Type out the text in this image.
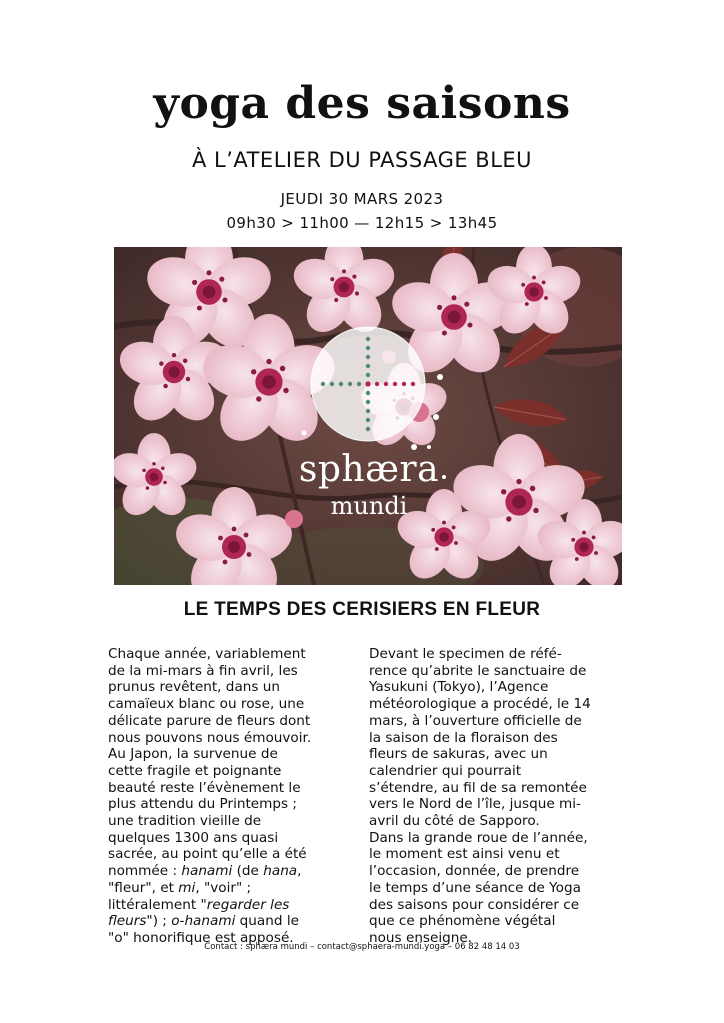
yoga des saisons
À L’ATELIER DU PASSAGE BLEU
JEUDI 30 MARS 2023
09h30 > 11h00 — 12h15 > 13h45
sphæra
mundi
LE TEMPS DES CERISIERS EN FLEUR
Chaque année, variablement
de la mi-mars à fin avril, les
prunus revêtent, dans un
camaïeux blanc ou rose, une
délicate parure de fleurs dont
nous pouvons nous émouvoir.
Au Japon, la survenue de
cette fragile et poignante
beauté reste l’évènement le
plus attendu du Printemps ;
une tradition vieille de
quelques 1300 ans quasi
sacrée, au point qu’elle a été
nommée : hanami (de hana,
"fleur", et mi, "voir" ;
littéralement "regarder les
fleurs") ; o-hanami quand le
"o" honorifique est apposé.
Devant le specimen de réfé-
rence qu’abrite le sanctuaire de
Yasukuni (Tokyo), l’Agence
météorologique a procédé, le 14
mars, à l’ouverture officielle de
la saison de la floraison des
fleurs de sakuras, avec un
calendrier qui pourrait
s’étendre, au fil de sa remontée
vers le Nord de l’île, jusque mi-
avril du côté de Sapporo.
Dans la grande roue de l’année,
le moment est ainsi venu et
l’occasion, donnée, de prendre
le temps d’une séance de Yoga
des saisons pour considérer ce
que ce phénomène végétal
nous enseigne.
Contact : sphæra mundi – contact@sphaera-mundi.yoga – 06 82 48 14 03
